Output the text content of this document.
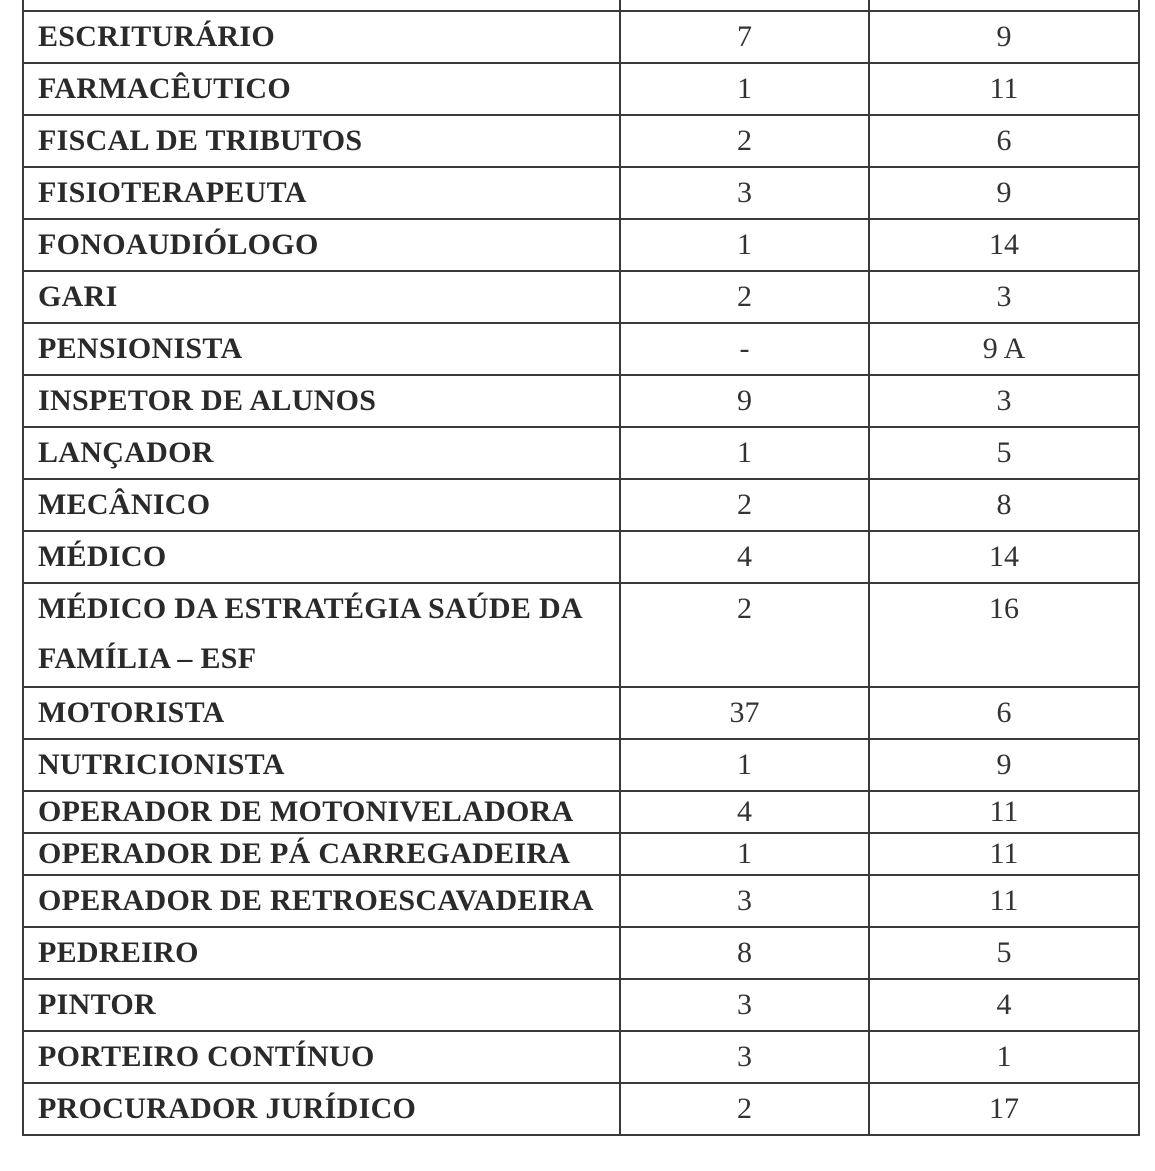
ESCRITURÁRIO	7	9
FARMACÊUTICO	1	11
FISCAL DE TRIBUTOS	2	6
FISIOTERAPEUTA	3	9
FONOAUDIÓLOGO	1	14
GARI	2	3
PENSIONISTA	-	9 A
INSPETOR DE ALUNOS	9	3
LANÇADOR	1	5
MECÂNICO	2	8
MÉDICO	4	14

MÉDICO DA ESTRATÉGIA SAÚDE DA
FAMÍLIA – ESF	2	16
MOTORISTA	37	6
NUTRICIONISTA	1	9
OPERADOR DE MOTONIVELADORA	4	11
OPERADOR DE PÁ CARREGADEIRA	1	11
OPERADOR DE RETROESCAVADEIRA	3	11
PEDREIRO	8	5
PINTOR	3	4
PORTEIRO CONTÍNUO	3	1
PROCURADOR JURÍDICO	2	17
